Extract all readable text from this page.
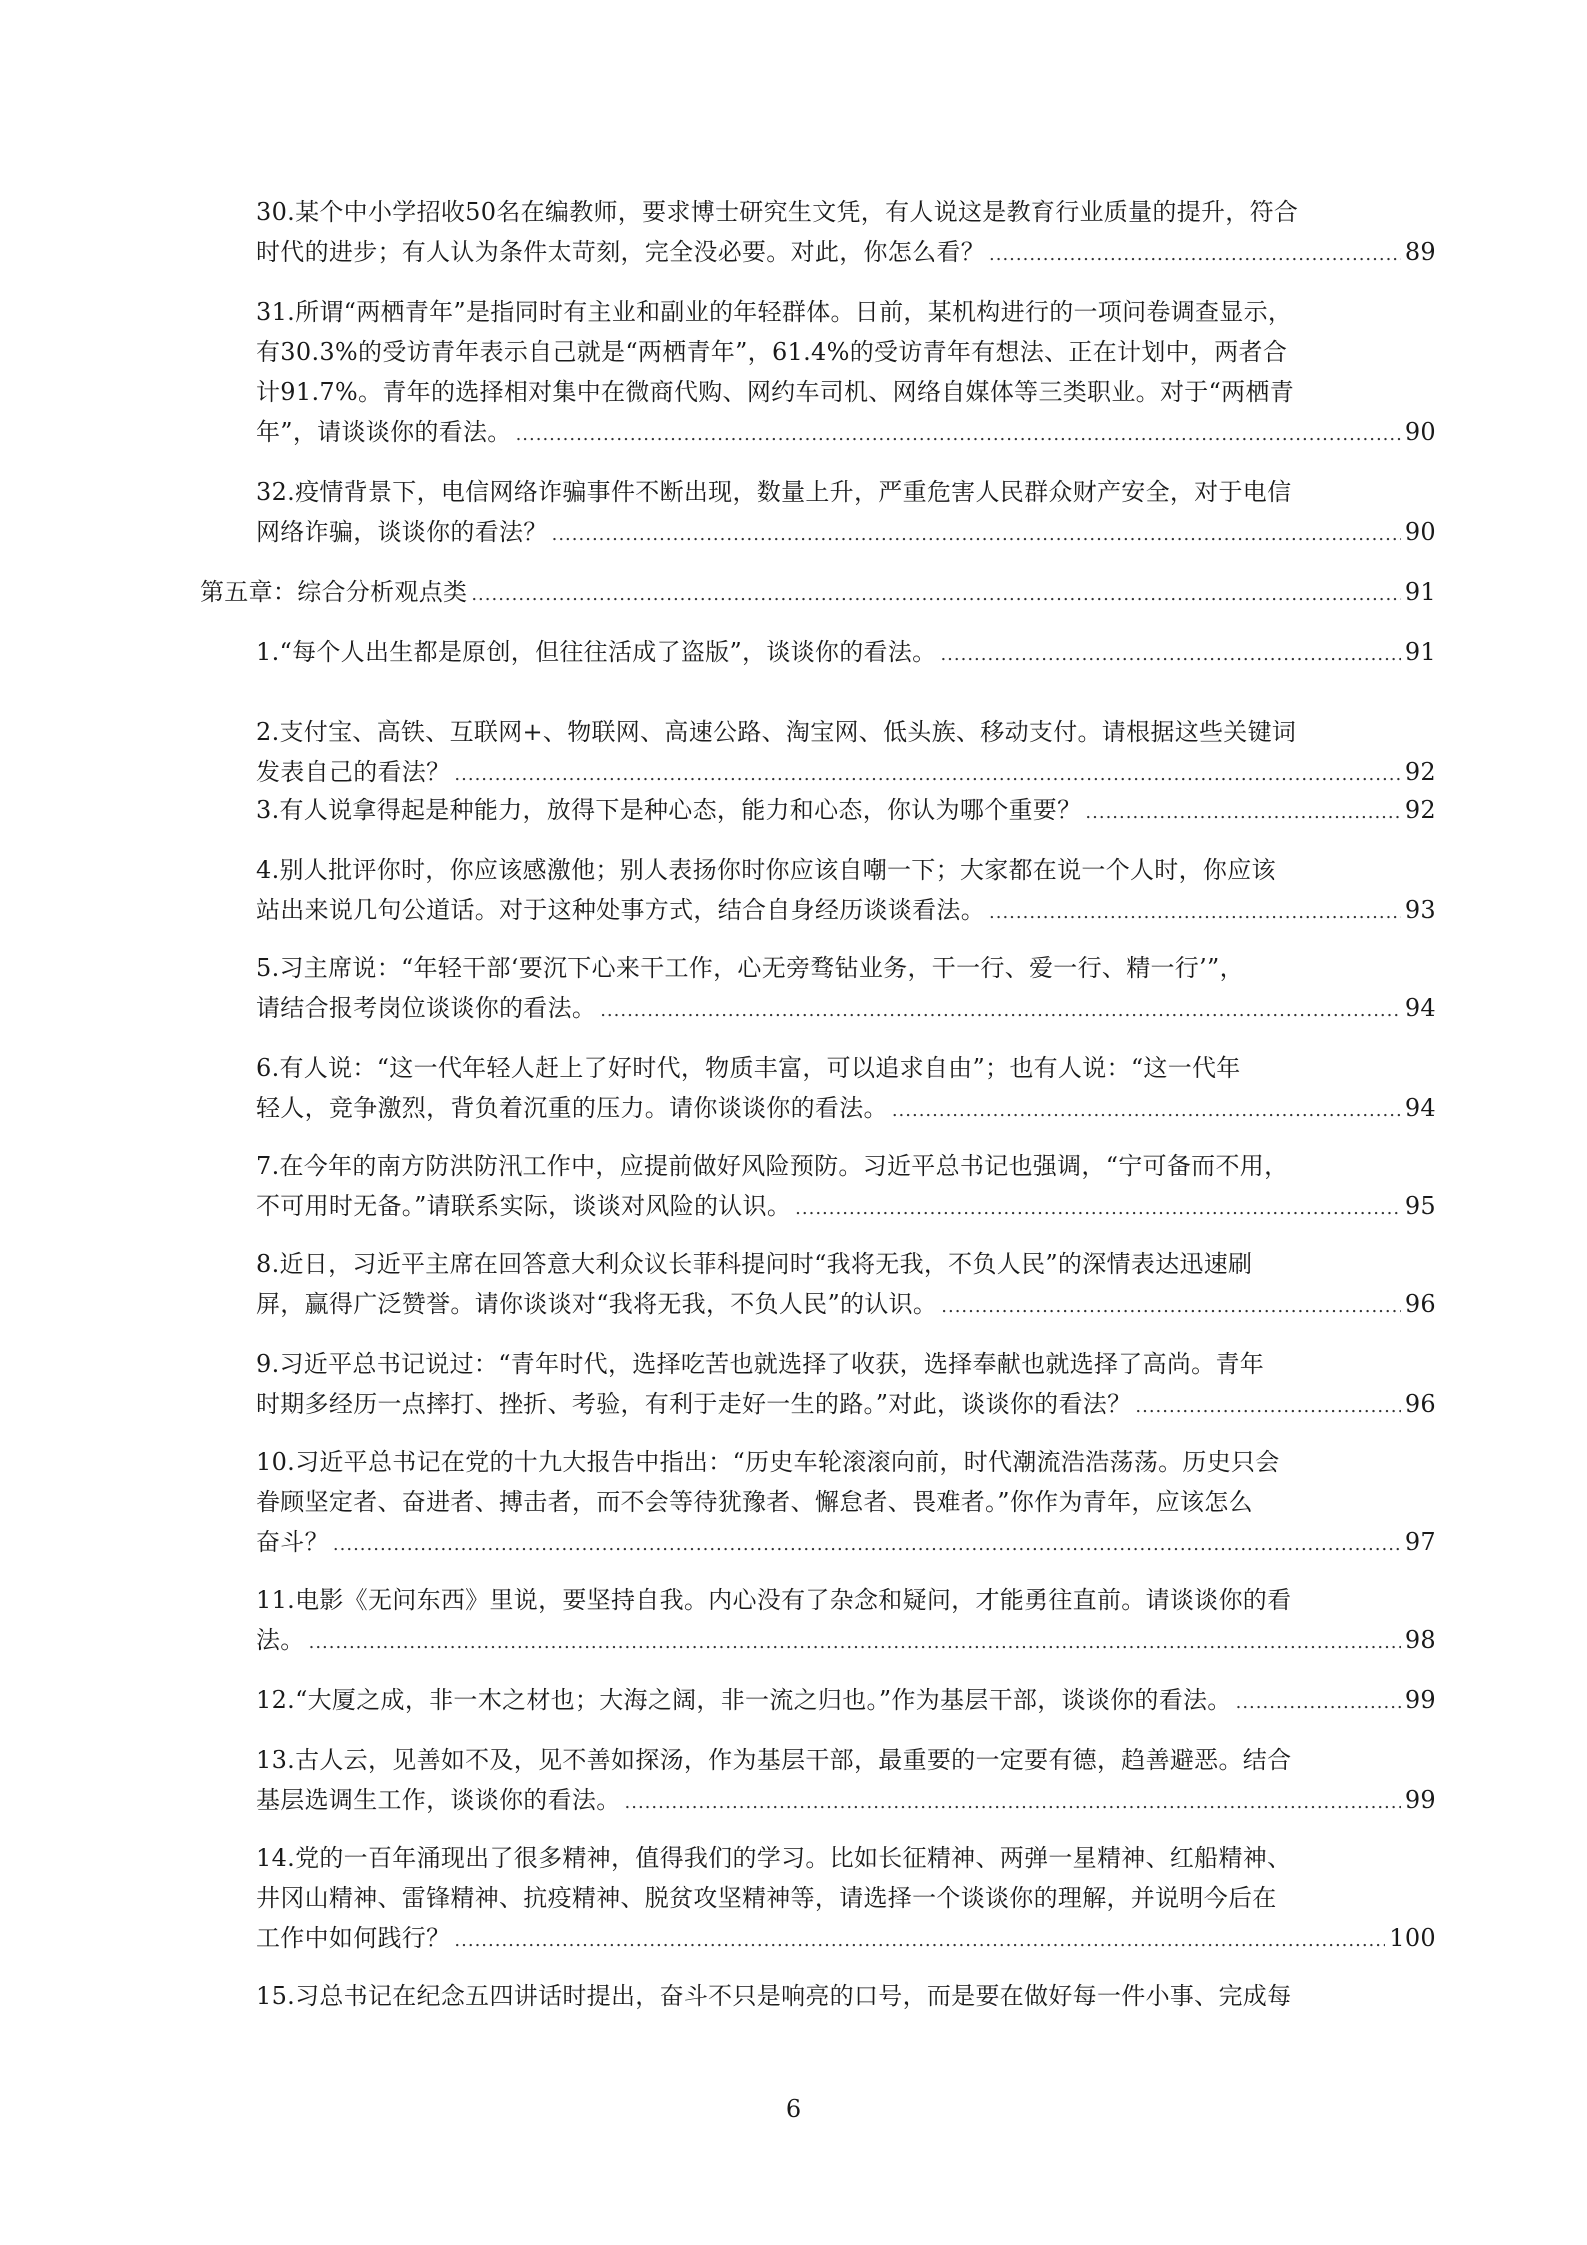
30.某个中小学招收50名在编教师，要求博士研究生文凭，有人说这是教育行业质量的提升，符合
时代的进步；有人认为条件太苛刻，完全没必要。对此，你怎么看？ .....	89
31.所谓“两栖青年”是指同时有主业和副业的年轻群体。日前，某机构进行的一项问卷调查显示，
有30.3%的受访青年表示自己就是“两栖青年”，61.4%的受访青年有想法、正在计划中，两者合
计91.7%。青年的选择相对集中在微商代购、网约车司机、网络自媒体等三类职业。对于“两栖青
年”，请谈谈你的看法。 .....	90
32.疫情背景下，电信网络诈骗事件不断出现，数量上升，严重危害人民群众财产安全，对于电信
网络诈骗，谈谈你的看法？ .....	90
第五章：综合分析观点类 .....	91
1.“每个人出生都是原创，但往往活成了盗版”，谈谈你的看法。 .....	91
2.支付宝、高铁、互联网+、物联网、高速公路、淘宝网、低头族、移动支付。请根据这些关键词
发表自己的看法？ .....	92
3.有人说拿得起是种能力，放得下是种心态，能力和心态，你认为哪个重要？ .....	92
4.别人批评你时，你应该感激他；别人表扬你时你应该自嘲一下；大家都在说一个人时，你应该
站出来说几句公道话。对于这种处事方式，结合自身经历谈谈看法。 .....	93
5.习主席说：“年轻干部‘要沉下心来干工作，心无旁骛钻业务，干一行、爱一行、精一行’”，
请结合报考岗位谈谈你的看法。 .....	94
6.有人说：“这一代年轻人赶上了好时代，物质丰富，可以追求自由”；也有人说：“这一代年
轻人，竞争激烈，背负着沉重的压力。请你谈谈你的看法。 .....	94
7.在今年的南方防洪防汛工作中，应提前做好风险预防。习近平总书记也强调，“宁可备而不用，
不可用时无备。”请联系实际，谈谈对风险的认识。 .....	95
8.近日，习近平主席在回答意大利众议长菲科提问时“我将无我，不负人民”的深情表达迅速刷
屏，赢得广泛赞誉。请你谈谈对“我将无我，不负人民”的认识。 .....	96
9.习近平总书记说过：“青年时代，选择吃苦也就选择了收获，选择奉献也就选择了高尚。青年
时期多经历一点摔打、挫折、考验，有利于走好一生的路。”对此，谈谈你的看法？ .....	96
10.习近平总书记在党的十九大报告中指出：“历史车轮滚滚向前，时代潮流浩浩荡荡。历史只会
眷顾坚定者、奋进者、搏击者，而不会等待犹豫者、懈怠者、畏难者。”你作为青年，应该怎么
奋斗？ .....	97
11.电影《无问东西》里说，要坚持自我。内心没有了杂念和疑问，才能勇往直前。请谈谈你的看
法。 .....	98
12.“大厦之成，非一木之材也；大海之阔，非一流之归也。”作为基层干部，谈谈你的看法。 .....	99
13.古人云，见善如不及，见不善如探汤，作为基层干部，最重要的一定要有德，趋善避恶。结合
基层选调生工作，谈谈你的看法。 .....	99
14.党的一百年涌现出了很多精神，值得我们的学习。比如长征精神、两弹一星精神、红船精神、
井冈山精神、雷锋精神、抗疫精神、脱贫攻坚精神等，请选择一个谈谈你的理解，并说明今后在
工作中如何践行？ .....	100
15.习总书记在纪念五四讲话时提出，奋斗不只是响亮的口号，而是要在做好每一件小事、完成每
6
